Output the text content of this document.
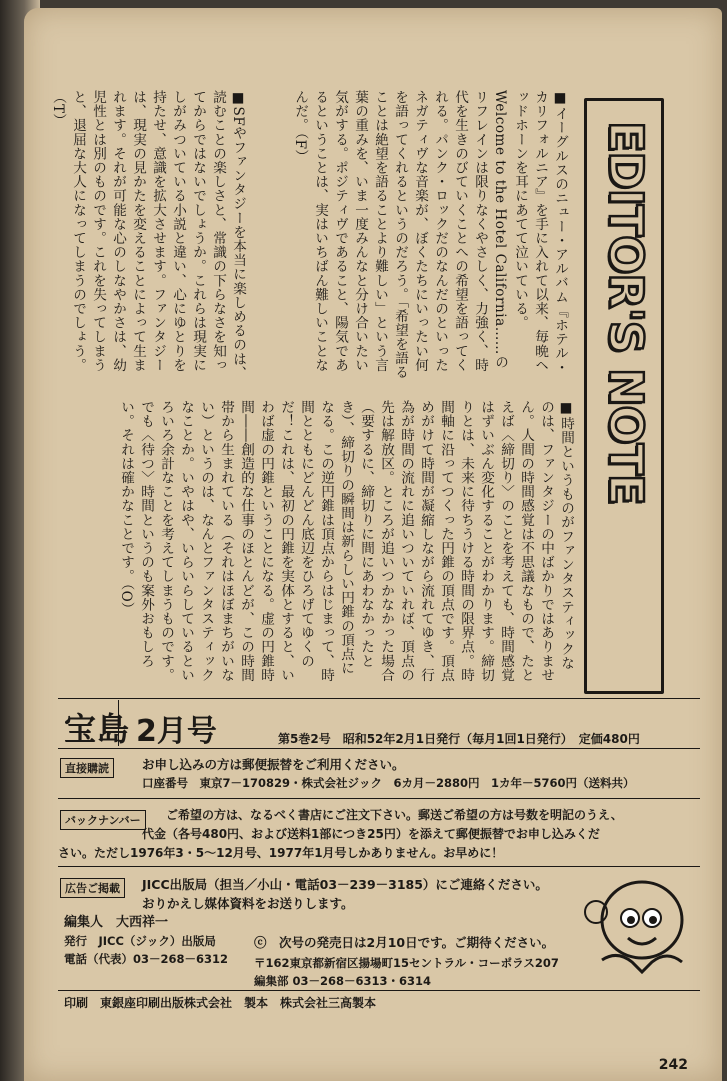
EDITOR'S NOTE

■イーグルスのニュー・アルバム『ホテル・カリフォルニア』を手に入れて以来、毎晩ヘッドホーンを耳にあてて泣いている。Welcome to the Hotel California……のリフレインは限りなくやさしく、力強く、時代を生きのびていくことへの希望を語ってくれる。パンク・ロックだのなんだのといったネガティヴな音楽が、ぼくたちにいったい何を語ってくれるというのだろう。「希望を語ることは絶望を語ることより難しい」という言葉の重みを、いま一度みんなと分け合いたい気がする。ポジティヴであること、陽気であるということは、実はいちばん難しいことなんだ。（F）

■SFやファンタジーを本当に楽しめるのは、読むことの楽しさと、常識の下らなさを知ってからではないでしょうか。これらは現実にしがみついている小説と違い、心にゆとりを持たせ、意識を拡大させます。ファンタジーは、現実の見かたを変えることによって生まれます。それが可能な心のしなやかさは、幼児性とは別のものです。これを失ってしまうと、退屈な大人になってしまうのでしょう。（T）

■時間というものがファンタスティックなのは、ファンタジーの中ばかりではありません。人間の時間感覚は不思議なもので、たとえば〈締切り〉のことを考えても、時間感覚はずいぶん変化することがわかります。締切りとは、未来に待ちうける時間の限界点。時間軸に沿ってつくった円錐の頂点です。頂点めがけて時間が凝縮しながら流れてゆき、行為が時間の流れに追いついていれば、頂点の先は解放区。ところが追いつかなかった場合（要するに、締切りに間にあわなかったとき）、締切りの瞬間は新らしい円錐の頂点になる。この逆円錐は頂点からはじまって、時間とともにどんどん底辺をひろげてゆくのだ！これは、最初の円錐を実体とすると、いわば虚の円錐ということになる。虚の円錐時間――創造的な仕事のほとんどが、この時間帯から生まれている（それはほぼまちがいない）というのは、なんとファンタスティックなことか。いやはや、いらいらしているといろいろ余計なことを考えてしまうものです。でも〈待つ〉時間というのも案外おもしろい。それは確かなことです。（O）

宝島 2月号	第5巻2号　昭和52年2月1日発行（毎月1回1日発行）　定価480円
直接購読	お申し込みの方は郵便振替をご利用ください。
口座番号　東京7－170829・株式会社ジック　6カ月－2880円　1カ年－5760円（送料共）
バックナンバー	ご希望の方は、なるべく書店にご注文下さい。郵送ご希望の方は号数を明記のうえ、
代金（各号480円、および送料1部につき25円）を添えて郵便振替でお申し込みくだ
さい。ただし1976年3・5～12月号、1977年1月号しかありません。お早めに！
広告ご掲載	JICC出版局（担当／小山・電話03－239－3185）にご連絡ください。
おりかえし媒体資料をお送りします。
編集人　大西祥一
発行　JICC（ジック）出版局	ⓒ　次号の発売日は2月10日です。ご期待ください。
電話（代表）03－268－6312 〒162東京都新宿区揚場町15セントラル・コーポラス207
編集部 03－268－6313・6314
印刷　東銀座印刷出版株式会社　製本　株式会社三高製本
242
